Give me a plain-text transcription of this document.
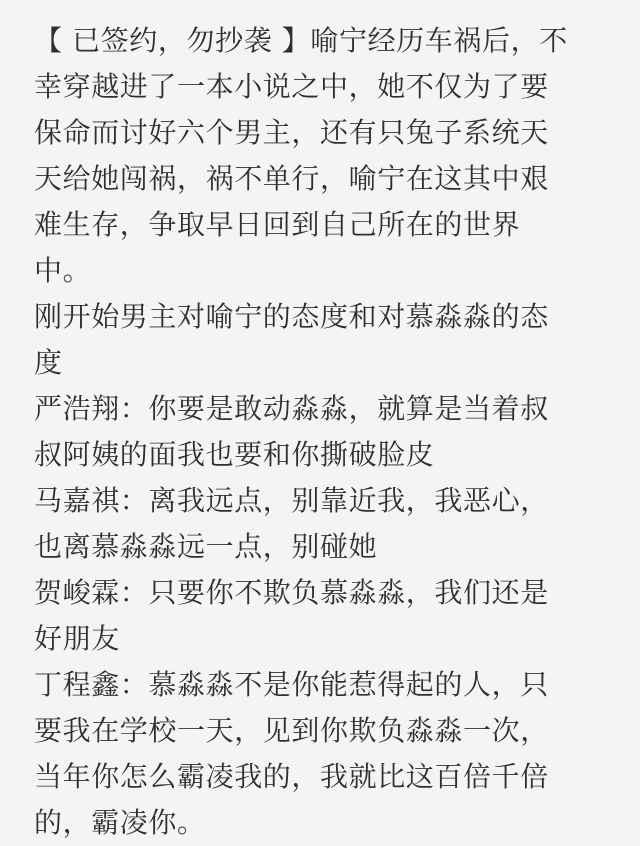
【 已签约，勿抄袭 】喻宁经历车祸后，不
幸穿越进了一本小说之中，她不仅为了要
保命而讨好六个男主，还有只兔子系统天
天给她闯祸，祸不单行，喻宁在这其中艰
难生存，争取早日回到自己所在的世界
中。
刚开始男主对喻宁的态度和对慕淼淼的态
度
严浩翔：你要是敢动淼淼，就算是当着叔
叔阿姨的面我也要和你撕破脸皮
马嘉祺：离我远点，别靠近我，我恶心，
也离慕淼淼远一点，别碰她
贺峻霖：只要你不欺负慕淼淼，我们还是
好朋友
丁程鑫：慕淼淼不是你能惹得起的人，只
要我在学校一天，见到你欺负淼淼一次，
当年你怎么霸凌我的，我就比这百倍千倍
的，霸凌你。
